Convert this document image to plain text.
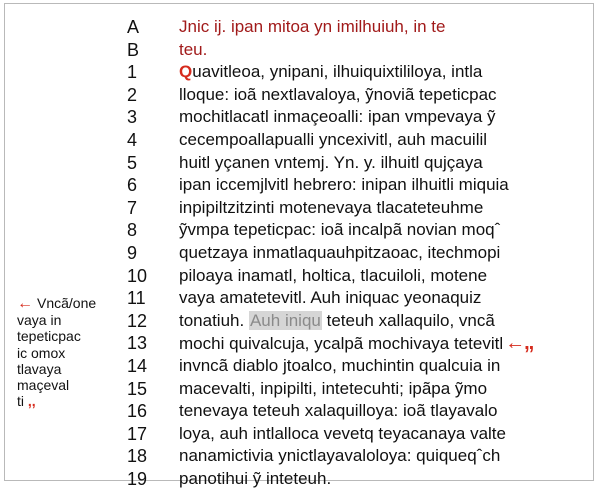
A	Jnic ij. ipan mitoa yn imilhuiuh, in te
B	teu.
1	Quavitleoa, ynipani, ilhuiquixtililoya, intla
2	lloque: ioã nextlavaloya, ỹnoviã tepeticpac
3	mochitlacatl inmaçeoalli: ipan vmpevaya ỹ
4	cecempoallapualli yncexivitl, auh macuilil
5	huitl yçanen vntemj. Yn. y. ilhuitl qujçaya
6	ipan iccemjlvitl hebrero: inipan ilhuitli miquia
7	inpipiltzitzinti motenevaya tlacateteuhme
8	ỹvmpa tepeticpac: ioã incalpã novian moqˆ
9	quetzaya inmatlaquauhpitzaoac, itechmopi
10	piloaya inamatl, holtica, tlacuiloli, motene
11	vaya amatetevitl. Auh iniquac yeonaquiz
12	tonatiuh. Auh iniqu teteuh xallaquilo, vncã
13	mochi quivalcuja, ycalpã mochivaya tetevitl ←,,
14	invncã diablo jtoalco, muchintin qualcuia in
15	macevalti, inpipilti, intetecuhti; ipãpa ỹmo
16	tenevaya teteuh xalaquilloya: ioã tlayavalo
17	loya, auh intlalloca vevetq teyacanaya valte
18	nanamictivia ynictlayavaloloya: quiqueqˆch
19	panotihui ỹ inteteuh.
← Vncã/one
vaya in
tepeticpac
ic omox
tlavaya
maçeval
ti ,,
